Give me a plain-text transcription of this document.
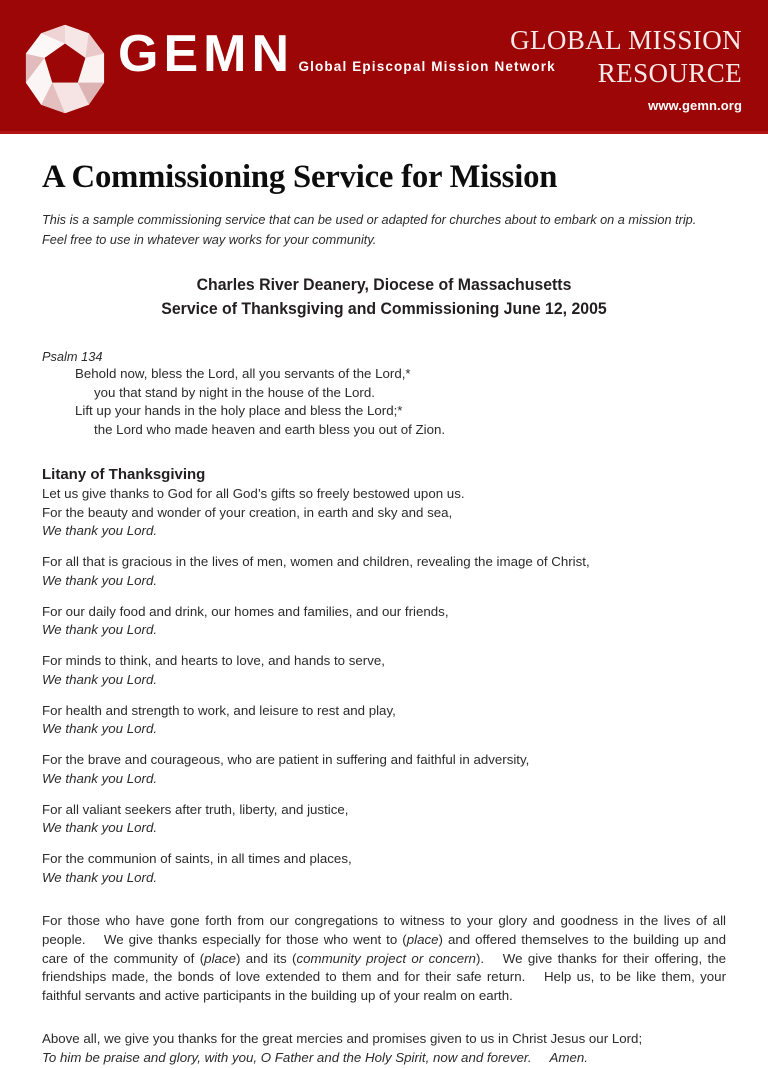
GEMN Global Episcopal Mission Network
GLOBAL MISSION
RESOURCE
www.gemn.org
A Commissioning Service for Mission

This is a sample commissioning service that can be used or adapted for churches about to embark on a mission trip. Feel free to use in whatever way works for your community.

Charles River Deanery, Diocese of Massachusetts
Service of Thanksgiving and Commissioning June 12, 2005
Psalm 134
Behold now, bless the Lord, all you servants of the Lord,*
you that stand by night in the house of the Lord.
Lift up your hands in the holy place and bless the Lord;*
the Lord who made heaven and earth bless you out of Zion.
Litany of Thanksgiving

Let us give thanks to God for all God’s gifts so freely bestowed upon us.

For the beauty and wonder of your creation, in earth and sky and sea,
We thank you Lord.
For all that is gracious in the lives of men, women and children, revealing the image of Christ,
We thank you Lord.
For our daily food and drink, our homes and families, and our friends,
We thank you Lord.
For minds to think, and hearts to love, and hands to serve,
We thank you Lord.
For health and strength to work, and leisure to rest and play,
We thank you Lord.
For the brave and courageous, who are patient in suffering and faithful in adversity,
We thank you Lord.
For all valiant seekers after truth, liberty, and justice,
We thank you Lord.
For the communion of saints, in all times and places,
We thank you Lord.

For those who have gone forth from our congregations to witness to your glory and goodness in the lives of all people.  We give thanks especially for those who went to (place) and offered themselves to the building up and care of the community of (place) and its (community project or concern).  We give thanks for their offering, the friendships made, the bonds of love extended to them and for their safe return.  Help us, to be like them, your faithful servants and active participants in the building up of your realm on earth.

Above all, we give you thanks for the great mercies and promises given to us in Christ Jesus our Lord;
To him be praise and glory, with you, O Father and the Holy Spirit, now and forever. Amen.
